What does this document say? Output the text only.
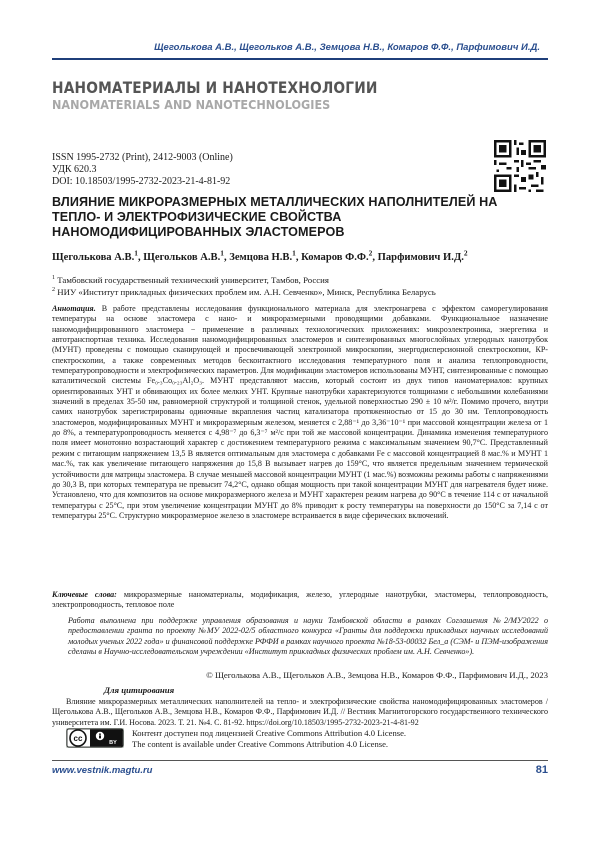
Щеголькова А.В., Щегольков А.В., Земцова Н.В., Комаров Ф.Ф., Парфимович И.Д.
НАНОМАТЕРИАЛЫ И НАНОТЕХНОЛОГИИ
NANOMATERIALS AND NANOTECHNOLOGIES
ISSN 1995-2732 (Print), 2412-9003 (Online)
УДК 620.3
DOI: 10.18503/1995-2732-2023-21-4-81-92
ВЛИЯНИЕ МИКРОРАЗМЕРНЫХ МЕТАЛЛИЧЕСКИХ НАПОЛНИТЕЛЕЙ НА ТЕПЛО- И ЭЛЕКТРОФИЗИЧЕСКИЕ СВОЙСТВА НАНОМОДИФИЦИРОВАННЫХ ЭЛАСТОМЕРОВ
Щеголькова А.В.1, Щегольков А.В.1, Земцова Н.В.1, Комаров Ф.Ф.2, Парфимович И.Д.2
1 Тамбовский государственный технический университет, Тамбов, Россия
2 НИУ «Институт прикладных физических проблем им. А.Н. Севченко», Минск, Республика Беларусь
Аннотация. В работе представлены исследования функционального материала для электронагрева с эффектом саморегулирования температуры на основе эластомера с нано- и микроразмерными проводящими добавками. Функциональное назначение наномодифицированного эластомера − применение в различных технологических приложениях: микроэлектроника, энергетика и автотранспортная техника. Исследования наномодифицированных эластомеров и синтезированных многослойных углеродных нанотрубок (МУНТ) проведены с помощью сканирующей и просвечивающей электронной микроскопии, энергодисперсионной спектроскопии, КР-спектроскопии, а также современных методов бесконтактного исследования температурного поля и анализа теплопроводности, температуропроводности и электрофизических параметров. Для модификации эластомеров использованы МУНТ, синтезированные с помощью каталитической системы Fe₀.₃Co₀.₂₃Al₂O₃. МУНТ представляют массив, который состоит из двух типов наноматериалов: крупных ориентированных УНТ и обвивающих их более мелких УНТ. Крупные нанотрубки характеризуются толщинами с небольшими колебаниями значений в пределах 35-50 нм, равномерной структурой и толщиной стенок, удельной поверхностью 290 ± 10 м²/г. Помимо прочего, внутри самих нанотрубок зарегистрированы одиночные вкрапления частиц катализатора протяженностью от 15 до 30 нм. Теплопроводность эластомеров, модифицированных МУНТ и микроразмерным железом, меняется с 2,88⁻¹ до 3,36⁻10⁻¹ при массовой концентрации железа от 1 до 8%, а температуропроводность меняется с 4,98⁻⁷ до 6,3⁻⁷ м²/с при той же массовой концентрации. Динамика изменения температурного поля имеет монотонно возрастающий характер с достижением температурного режима с максимальным значением 90,7°С. Представленный режим с питающим напряжением 13,5 В является оптимальным для эластомера с добавками Fe с массовой концентрацией 8 мас.% и МУНТ 1 мас.%, так как увеличение питающего напряжения до 15,8 В вызывает нагрев до 159°С, что является предельным значением термической устойчивости для матрицы эластомера. В случае меньшей массовой концентрации МУНТ (1 мас.%) возможны режимы работы с напряжениями до 30,3 В, при которых температура не превысит 74,2°С, однако общая мощность при такой концентрации МУНТ для нагревателя будет ниже. Установлено, что для композитов на основе микроразмерного железа и МУНТ характерен режим нагрева до 90°С в течение 114 с от начальной температуры с 25°С, при этом увеличение концентрации МУНТ до 8% приводит к росту температуры на поверхности до 150°С за 7,14 с от температуры 25°С. Структурно микроразмерное железо в эластомере встраивается в виде сферических включений.
Ключевые слова: микроразмерные наноматериалы, модификация, железо, углеродные нанотрубки, эластомеры, теплопроводность, электропроводность, тепловое поле
Работа выполнена при поддержке управления образования и науки Тамбовской области в рамках Соглашения №2/МУ2022 о предоставлении гранта по проекту №МУ 2022-02/5 областного конкурса «Гранты для поддержки прикладных научных исследований молодых ученых 2022 года» и финансовой поддержке РФФИ в рамках научного проекта №18-53-00032 Бел_а (СЭМ- и ПЭМ-изображения сделаны в Научно-исследовательском учреждении «Институт прикладных физических проблем им. А.Н. Севченко»).
© Щеголькова А.В., Щегольков А.В., Земцова Н.В., Комаров Ф.Ф., Парфимович И.Д., 2023
Для цитирования
Влияние микроразмерных металлических наполнителей на тепло- и электрофизические свойства наномодифицированных эластомеров / Щеголькова А.В., Щегольков А.В., Земцова Н.В., Комаров Ф.Ф., Парфимович И.Д. // Вестник Магнитогорского государственного технического университета им. Г.И. Носова. 2023. Т. 21. №4. С. 81-92. https://doi.org/10.18503/1995-2732-2023-21-4-81-92
cc	BY
Контент доступен под лицензией Creative Commons Attribution 4.0 License.
The content is available under Creative Commons Attribution 4.0 License.
www.vestnik.magtu.ru	81
